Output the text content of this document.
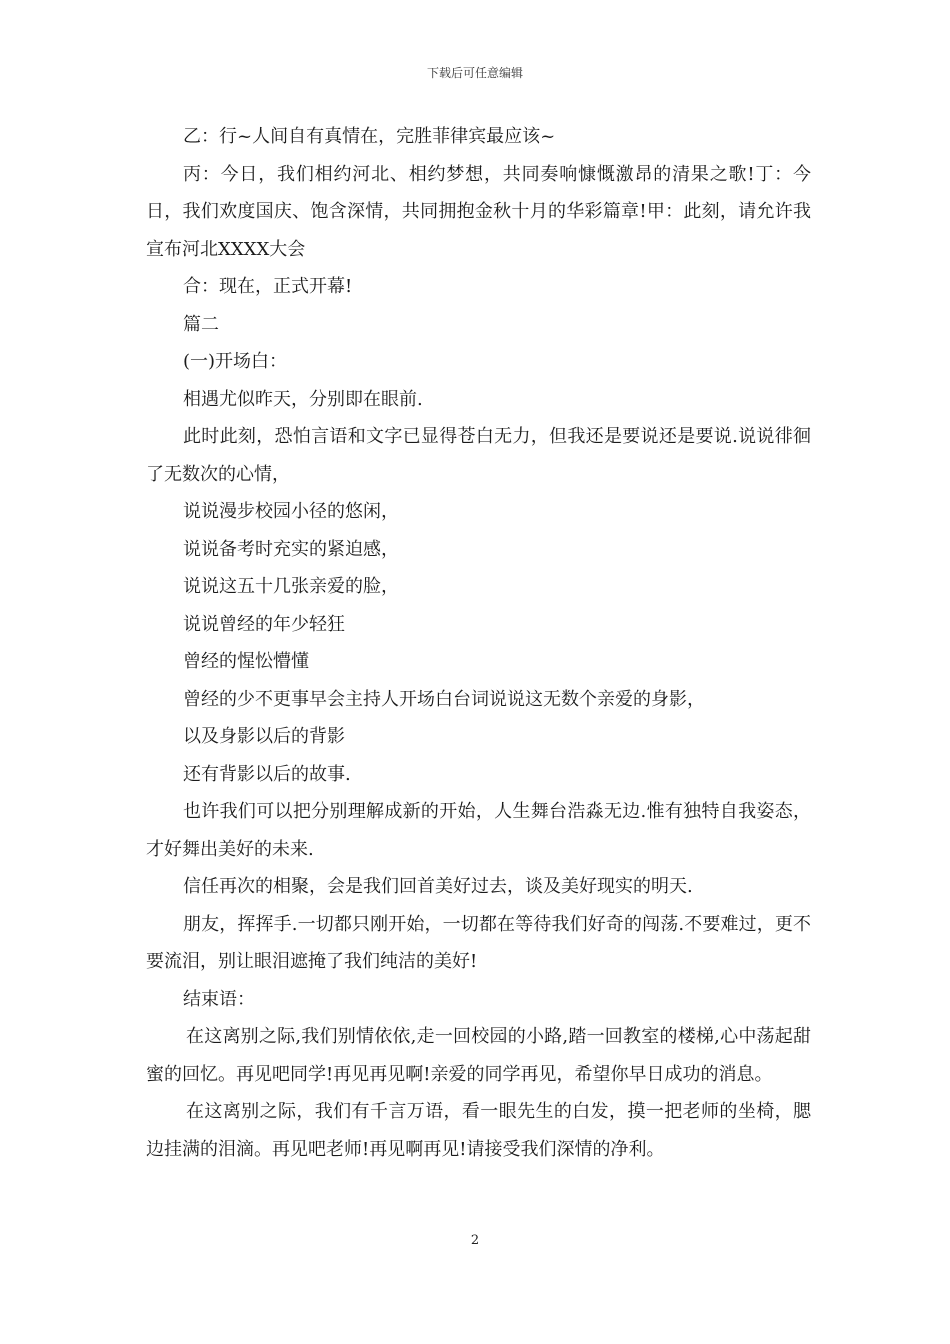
下载后可任意编辑

乙：行~人间自有真情在，完胜菲律宾最应该~

丙：今日，我们相约河北、相约梦想，共同奏响慷慨激昂的清果之歌!丁：今日，我们欢度国庆、饱含深情，共同拥抱金秋十月的华彩篇章!甲：此刻，请允许我宣布河北XXXX大会

合：现在，正式开幕!

篇二

(一)开场白：

相遇尤似昨天，分别即在眼前.

此时此刻，恐怕言语和文字已显得苍白无力，但我还是要说还是要说.说说徘徊了无数次的心情，

说说漫步校园小径的悠闲，

说说备考时充实的紧迫感，

说说这五十几张亲爱的脸，

说说曾经的年少轻狂

曾经的惺忪懵懂

曾经的少不更事早会主持人开场白台词说说这无数个亲爱的身影，

以及身影以后的背影

还有背影以后的故事.

也许我们可以把分别理解成新的开始，人生舞台浩淼无边.惟有独特自我姿态，才好舞出美好的未来.

信任再次的相聚，会是我们回首美好过去，谈及美好现实的明天.

朋友，挥挥手.一切都只刚开始，一切都在等待我们好奇的闯荡.不要难过，更不要流泪，别让眼泪遮掩了我们纯洁的美好!

结束语：

在这离别之际,我们别情依依,走一回校园的小路,踏一回教室的楼梯,心中荡起甜蜜的回忆。再见吧同学!再见再见啊!亲爱的同学再见，希望你早日成功的消息。

在这离别之际，我们有千言万语，看一眼先生的白发，摸一把老师的坐椅，腮边挂满的泪滴。再见吧老师!再见啊再见!请接受我们深情的净利。

2
